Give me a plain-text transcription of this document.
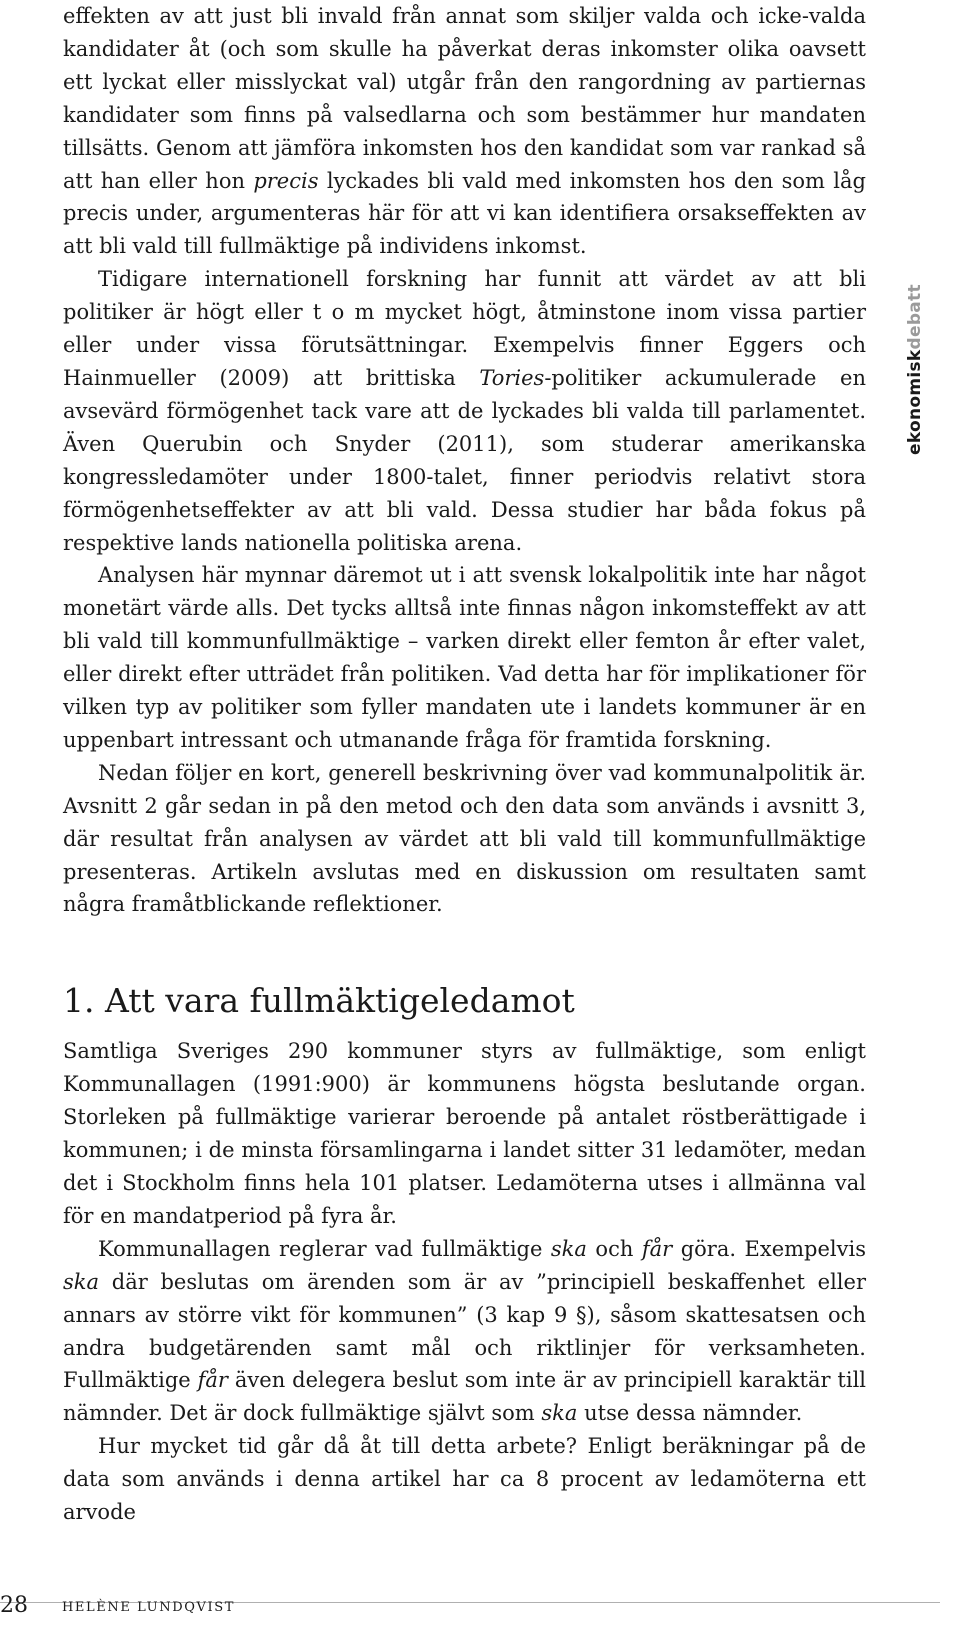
effekten av att just bli invald från annat som skiljer valda och icke-valda kandidater åt (och som skulle ha påverkat deras inkomster olika oavsett ett lyckat eller misslyckat val) utgår från den rangordning av partiernas kandidater som finns på valsedlarna och som bestämmer hur mandaten tillsätts. Genom att jämföra inkomsten hos den kandidat som var rankad så att han eller hon precis lyckades bli vald med inkomsten hos den som låg precis under, argumenteras här för att vi kan identifiera orsakseffekten av att bli vald till fullmäktige på individens inkomst.

Tidigare internationell forskning har funnit att värdet av att bli politiker är högt eller t o m mycket högt, åtminstone inom vissa partier eller under vissa förutsättningar. Exempelvis finner Eggers och Hainmueller (2009) att brittiska Tories-politiker ackumulerade en avsevärd förmögenhet tack vare att de lyckades bli valda till parlamentet. Även Querubin och Snyder (2011), som studerar amerikanska kongressledamöter under 1800-talet, finner periodvis relativt stora förmögenhetseffekter av att bli vald. Dessa studier har båda fokus på respektive lands nationella politiska arena.

Analysen här mynnar däremot ut i att svensk lokalpolitik inte har något monetärt värde alls. Det tycks alltså inte finnas någon inkomsteffekt av att bli vald till kommunfullmäktige – varken direkt eller femton år efter valet, eller direkt efter utträdet från politiken. Vad detta har för implikationer för vilken typ av politiker som fyller mandaten ute i landets kommuner är en uppenbart intressant och utmanande fråga för framtida forskning.

Nedan följer en kort, generell beskrivning över vad kommunalpolitik är. Avsnitt 2 går sedan in på den metod och den data som används i avsnitt 3, där resultat från analysen av värdet att bli vald till kommunfullmäktige presenteras. Artikeln avslutas med en diskussion om resultaten samt några framåtblickande reflektioner.

1. Att vara fullmäktigeledamot

Samtliga Sveriges 290 kommuner styrs av fullmäktige, som enligt Kommunallagen (1991:900) är kommunens högsta beslutande organ. Storleken på fullmäktige varierar beroende på antalet röstberättigade i kommunen; i de minsta församlingarna i landet sitter 31 ledamöter, medan det i Stockholm finns hela 101 platser. Ledamöterna utses i allmänna val för en mandatperiod på fyra år.

Kommunallagen reglerar vad fullmäktige ska och får göra. Exempelvis ska där beslutas om ärenden som är av ”principiell beskaffenhet eller annars av större vikt för kommunen” (3 kap 9 §), såsom skattesatsen och andra budgetärenden samt mål och riktlinjer för verksamheten. Fullmäktige får även delegera beslut som inte är av principiell karaktär till nämnder. Det är dock fullmäktige självt som ska utse dessa nämnder.

Hur mycket tid går då åt till detta arbete? Enligt beräkningar på de data som används i denna artikel har ca 8 procent av ledamöterna ett arvode

ekonomiskdebatt
28	HELÈNE LUNDQVIST
